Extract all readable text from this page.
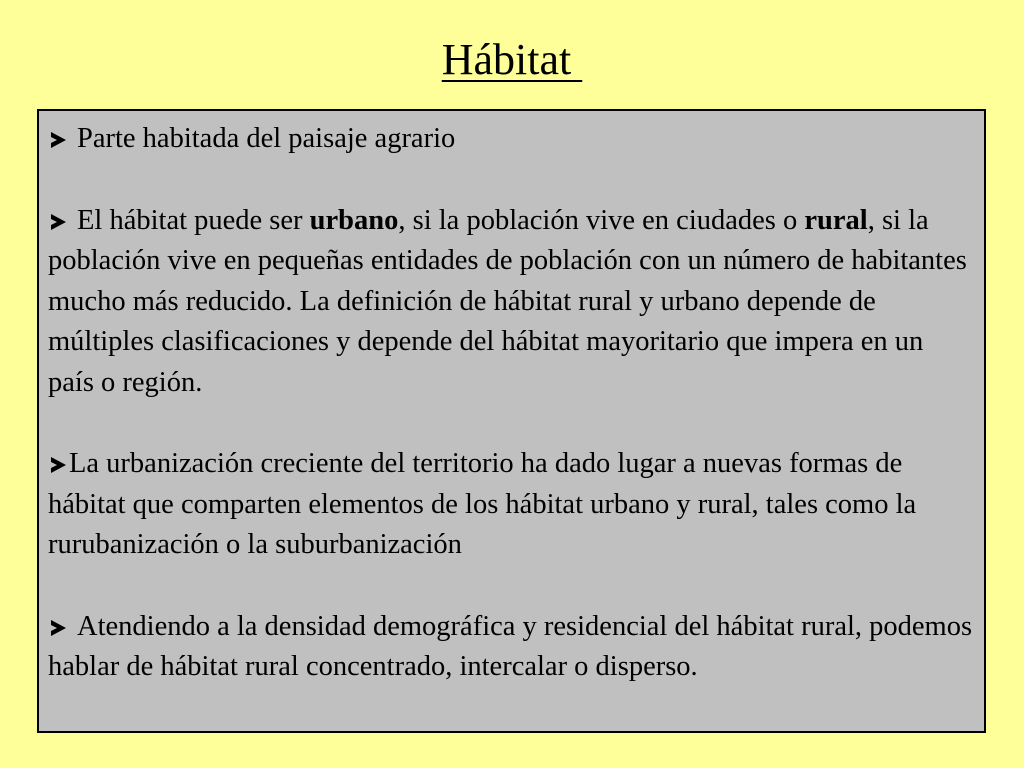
Hábitat
Parte habitada del paisaje agrario
El hábitat puede ser urbano, si la población vive en ciudades o rural, si la población vive en pequeñas entidades de población con un número de habitantes mucho más reducido. La definición de hábitat rural y urbano depende de múltiples clasificaciones y depende del hábitat mayoritario que impera en un país o región.
La urbanización creciente del territorio ha dado lugar a nuevas formas de hábitat que comparten elementos de los hábitat urbano y rural, tales como la rurubanización o la suburbanización
Atendiendo a la densidad demográfica y residencial del hábitat rural, podemos hablar de hábitat rural concentrado, intercalar o disperso.
